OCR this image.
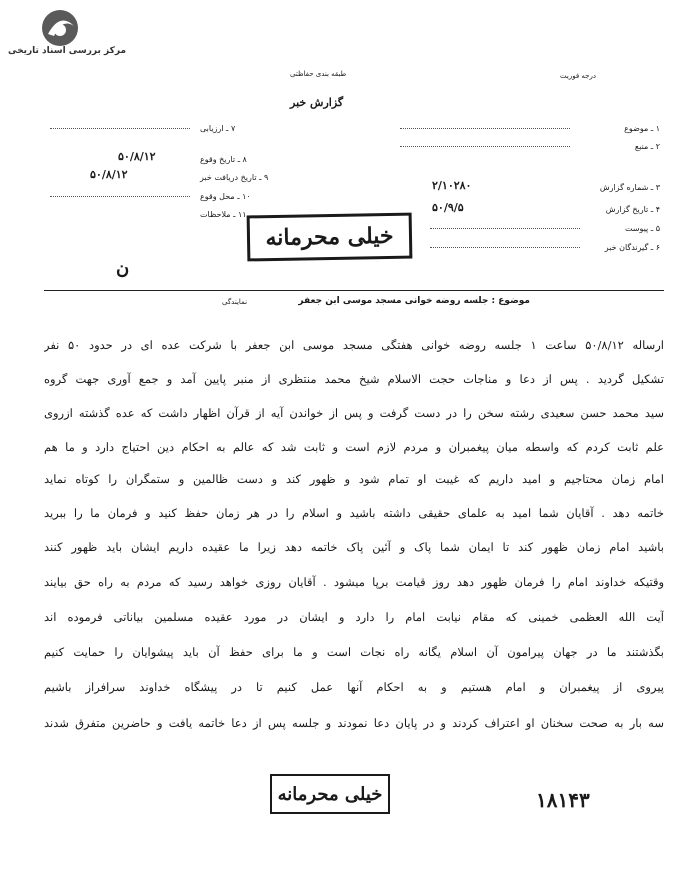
مرکز بررسی اسناد تاریخی
طبقه بندی حفاظتی
گزارش خبر
درجه فوریت
۱ ـ موضوع
۲ ـ منبع
۳ ـ شماره گزارش
۲/۱۰۲۸۰
۴ ـ تاریخ گزارش
۵۰/۹/۵
۵ ـ پیوست
۶ ـ گیرندگان خبر
۷ ـ ارزیابی
۸ ـ تاریخ وقوع
۵۰/۸/۱۲
۹ ـ تاریخ دریافت خبر
۵۰/۸/۱۲
۱۰ ـ محل وقوع
۱۱ ـ ملاحظات
خیلی محرمانه
ن
موضوع : جلسه روضه خوانی مسجد موسی ابن جعفر
نمایندگی
ارساله ۵۰/۸/۱۲ ساعت ۱ جلسه روضه خوانی هفتگی مسجد موسی ابن جعفر با شرکت عده ای در حدود ۵۰ نفر
تشکیل گردید . پس از دعا و مناجات حجت الاسلام شیخ محمد منتظری از منبر پایین آمد و جمع آوری جهت گروه
سید محمد حسن سعیدی رشته سخن را در دست گرفت و پس از خواندن آیه از قرآن اظهار داشت که عده گذشته ازروی
علم ثابت کردم که واسطه میان پیغمبران و مردم لازم است و ثابت شد که عالم به احکام دین احتیاج دارد و ما هم
امام زمان محتاجیم و امید داریم که غیبت او تمام شود و ظهور کند و دست ظالمین و ستمگران را کوتاه نماید
خاتمه دهد . آقایان شما امید به علمای حقیقی داشته باشید و اسلام را در هر زمان حفظ کنید و فرمان ما را ببرید
باشید امام زمان ظهور کند تا ایمان شما پاک و آئین پاک خاتمه دهد زیرا ما عقیده داریم ایشان باید ظهور کنند
وقتیکه خداوند امام را فرمان ظهور دهد روز قیامت برپا میشود . آقایان روزی خواهد رسید که مردم به راه حق بیایند
آیت الله العظمی خمینی که مقام نیابت امام را دارد و ایشان در مورد عقیده مسلمین بیاناتی فرموده اند
بگذشتند ما در جهان پیرامون آن اسلام یگانه راه نجات است و ما برای حفظ آن باید پیشوایان را حمایت کنیم
پیروی از پیغمبران و امام هستیم و به احکام آنها عمل کنیم تا در پیشگاه خداوند سرافراز باشیم
سه بار به صحت سخنان او اعتراف کردند و در پایان دعا نمودند و جلسه پس از دعا خاتمه یافت و حاضرین متفرق شدند
خیلی محرمانه	۱۸۱۴۳
